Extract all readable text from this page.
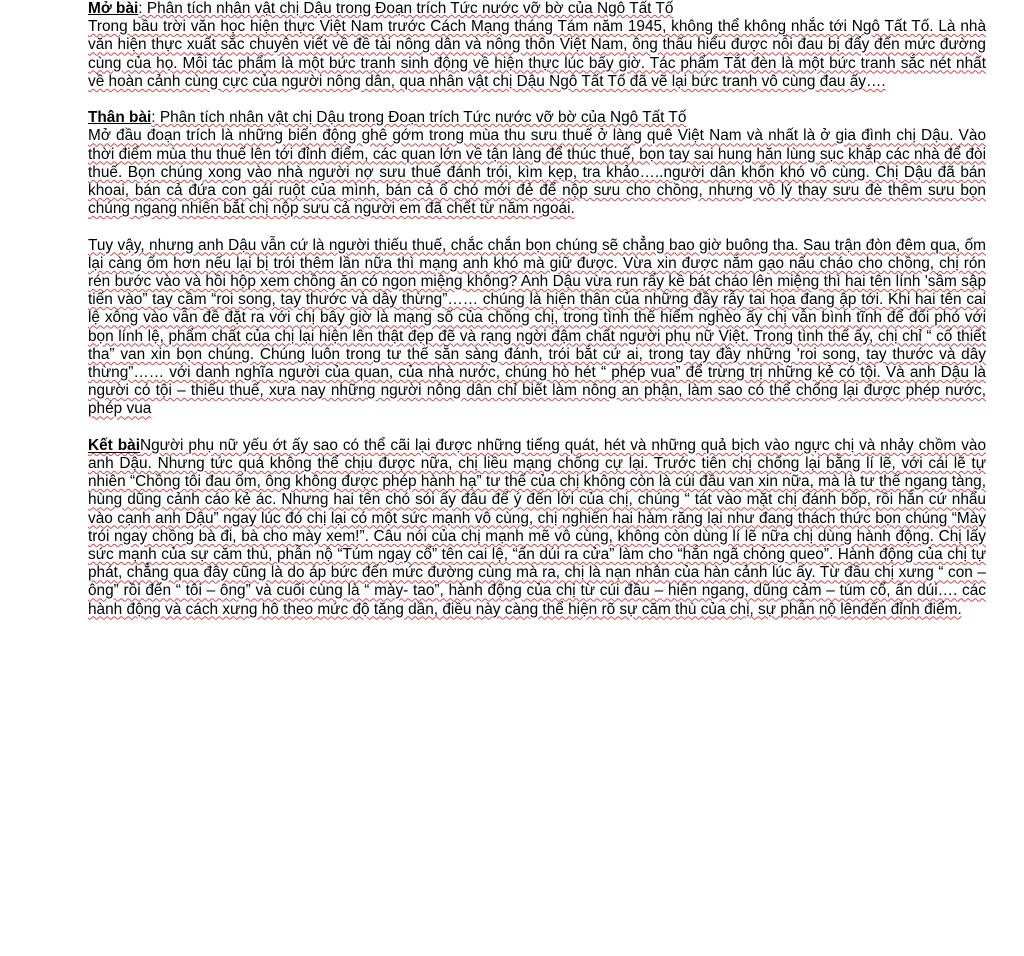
Mở bài: Phân tích nhân vật chị Dậu trong Đoạn trích Tức nước vỡ bờ của Ngô Tất Tố

Trong bầu trời văn học hiện thực Việt Nam trước Cách Mạng tháng Tám năm 1945, không thể không nhắc tới Ngô Tất Tố. Là nhà văn hiện thực xuất sắc chuyên viết về đề tài nông dân và nông thôn Việt Nam, ông thấu hiểu được nỗi đau bị đẩy đến mức đường cùng của họ. Mỗi tác phẩm là một bức tranh sinh động về hiện thực lúc bấy giờ. Tác phẩm Tắt đèn là một bức tranh sắc nét nhất về hoàn cảnh cùng cực của người nông dân, qua nhân vật chị Dậu Ngô Tất Tố đã vẽ lại bức tranh vô cùng đau ấy….

Thân bài: Phân tích nhân vật chị Dậu trong Đoạn trích Tức nước vỡ bờ của Ngô Tất Tố

Mở đầu đoạn trích là những biến động ghê gớm trong mùa thu sưu thuế ở làng quê Việt Nam và nhất là ở gia đình chị Dậu. Vào thời điểm mùa thu thuế lên tới đỉnh điểm, các quan lớn về tận làng để thúc thuế, bọn tay sai hung hăn lùng sục khắp các nhà để đòi thuế. Bọn chúng xong vào nhà người nợ sưu thuế đánh trói, kìm kẹp, tra khảo…..người dân khốn khó vô cùng. Chị Dậu đã bán khoai, bán cả đứa con gái ruột của mình, bán cả ổ chó mới đẻ để nộp sưu cho chồng, nhưng vô lý thay sưu đè thêm sưu bọn chúng ngang nhiên bắt chị nộp sưu cả người em đã chết từ năm ngoái.

Tuy vậy, nhưng anh Dậu vẫn cứ là người thiếu thuế, chắc chắn bọn chúng sẽ chẳng bao giờ buông tha. Sau trận đòn đêm qua, ốm lại càng ốm hơn nếu lại bị trói thêm lần nữa thì mạng anh khó mà giữ được. Vừa xin được nắm gạo nấu cháo cho chồng, chị rón rén bước vào và hồi hộp xem chồng ăn có ngon miệng không? Anh Dậu vừa run rẩy kề bát cháo lên miệng thì hai tên lính 'sầm sập tiến vào” tay cầm “roi song, tay thước và dây thừng”…… chúng là hiện thân của những đầy rẫy tai họa đang ập tới. Khi hai tên cai lệ xông vào vẫn đề đặt ra với chị bây giờ là mạng số của chồng chị, trong tình thế hiểm nghèo ấy chị vẫn bình tĩnh để đối phó với bọn lính lệ, phẩm chất của chị lại hiện lên thật đẹp đẽ và rạng ngời đậm chất người phụ nữ Việt. Trong tình thế ấy, chị chỉ “ cố thiết tha” van xin bọn chúng. Chúng luôn trong tư thế sẵn sàng đánh, trói bắt cứ ai, trong tay đầy những 'roi song, tay thước và dây thừng”…… với danh nghĩa người của quan, của nhà nước, chúng hò hét “ phép vua” để trừng trị những kẻ có tội. Và anh Dậu là người có tội – thiếu thuế, xưa nay những người nông dân chỉ biết làm nông an phận, làm sao có thể chống lại được phép nước, phép vua

Kết bàiNgười phụ nữ yếu ớt ấy sao có thể cãi lại được những tiếng quát, hét và những quả bịch vào ngực chị và nhảy chồm vào anh Dậu. Nhưng tức quá không thể chịu được nữa, chị liều mạng chống cự lại. Trước tiên chị chống lại bằng lí lẽ, với cái lẽ tự nhiên “Chồng tôi đau ốm, ông không được phép hành hạ” tư thế của chị không còn là cúi đầu van xin nữa, mà là tư thế ngang tàng, hùng dũng cảnh cáo kẻ ác. Nhưng hai tên chó sói ấy đâu để ý đến lời của chị, chúng “ tát vào mặt chị đánh bốp, rồi hắn cứ nhẩu vào cạnh anh Dậu” ngay lúc đó chị lại có một sức mạnh vô cùng, chị nghiến hai hàm răng lại như đang thách thức bọn chúng “Mày trói ngay chồng bà đi, bà cho mày xem!”. Câu nói của chị mạnh mẽ vô cùng, không còn dùng lí lẽ nữa chị dùng hành động. Chị lấy sức mạnh của sự căm thù, phẫn nộ “Túm ngay cổ” tên cai lệ, “ấn dúi ra cửa” làm cho “hắn ngã chỏng queo”. Hành động của chị tự phát, chẳng qua đây cũng là do áp bức đến mức đường cùng mà ra, chị là nạn nhân của hàn cảnh lúc ấy. Từ đầu chị xưng “ con – ông” rồi đến “ tôi – ông” và cuối cùng là “ mày- tao”, hành động của chị từ cúi đầu – hiên ngang, dũng cảm – túm cổ, ấn dúi…. các hành động và cách xưng hô theo mức độ tăng dần, điều này càng thể hiện rõ sự căm thù của chị, sự phẫn nộ lênđến đỉnh điểm.
